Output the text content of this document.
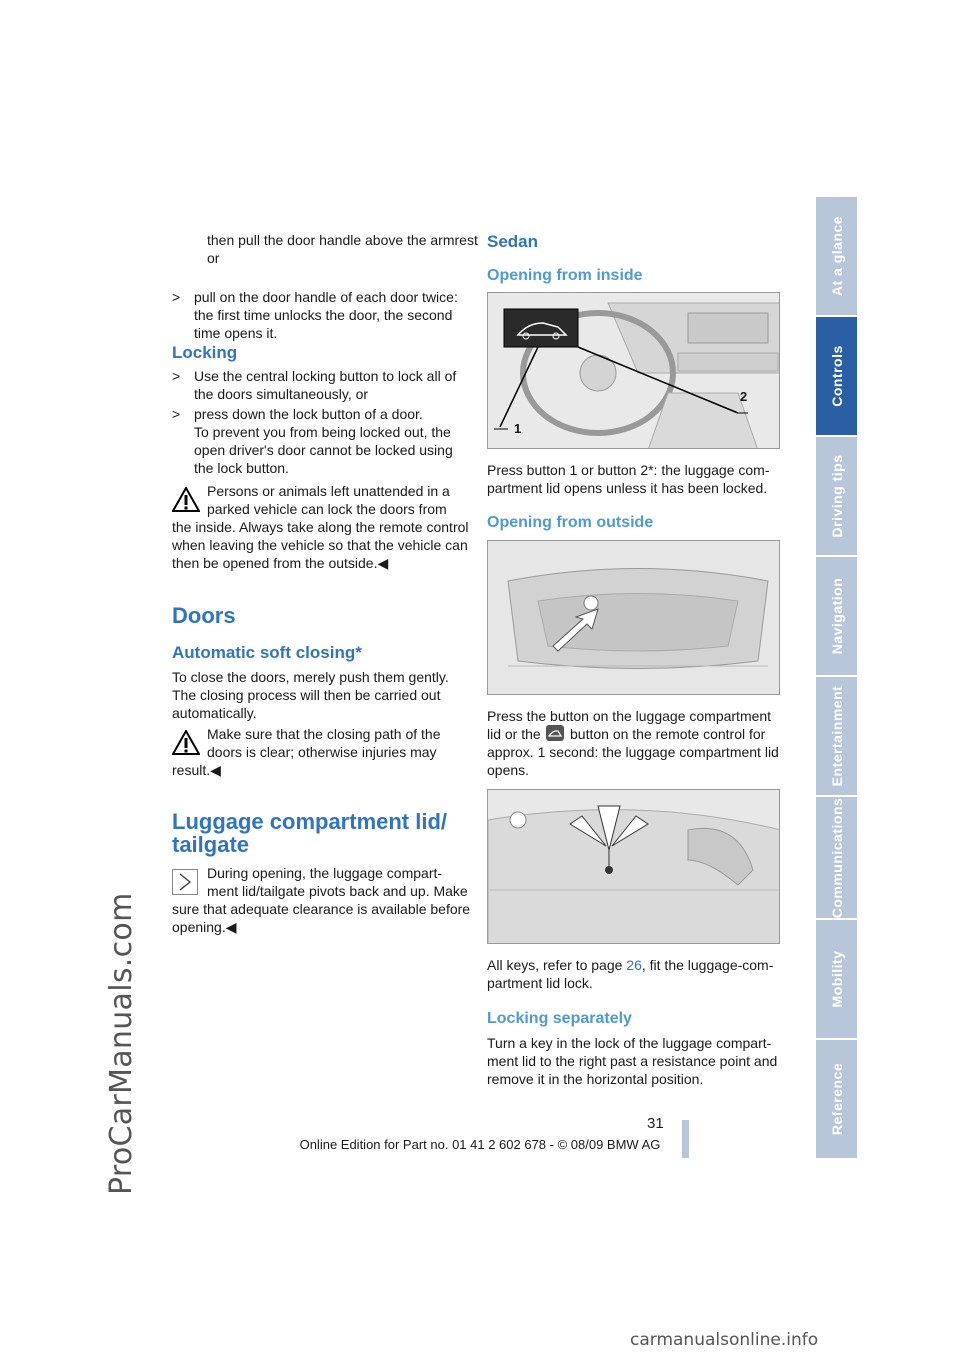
ProCarManuals.com
At a glance
Controls
Driving tips
Navigation
Entertainment
Communications
Mobility
Reference
then pull the door handle above the armrest
or
> pull on the door handle of each door twice:
the first time unlocks the door, the second
time opens it.
Locking
> Use the central locking button to lock all of
the doors simultaneously, or
> press down the lock button of a door.
To prevent you from being locked out, the
open driver's door cannot be locked using
the lock button.
Persons or animals left unattended in a
parked vehicle can lock the doors from
the inside. Always take along the remote control
when leaving the vehicle so that the vehicle can
then be opened from the outside.◀
Doors
Automatic soft closing*
To close the doors, merely push them gently.
The closing process will then be carried out
automatically.
Make sure that the closing path of the
doors is clear; otherwise injuries may
result.◀
Luggage compartment lid/
tailgate
During opening, the luggage compart-
ment lid/tailgate pivots back and up. Make
sure that adequate clearance is available before
opening.◀
Sedan
Opening from inside
1
2
Press button 1 or button 2*: the luggage com-
partment lid opens unless it has been locked.
Opening from outside
Press the button on the luggage compartment
lid or the button on the remote control for
approx. 1 second: the luggage compartment lid
opens.
All keys, refer to page 26, fit the luggage-com-
partment lid lock.
Locking separately
Turn a key in the lock of the luggage compart-
ment lid to the right past a resistance point and
remove it in the horizontal position.
31
Online Edition for Part no. 01 41 2 602 678 - © 08/09 BMW AG
carmanualsonline.info
